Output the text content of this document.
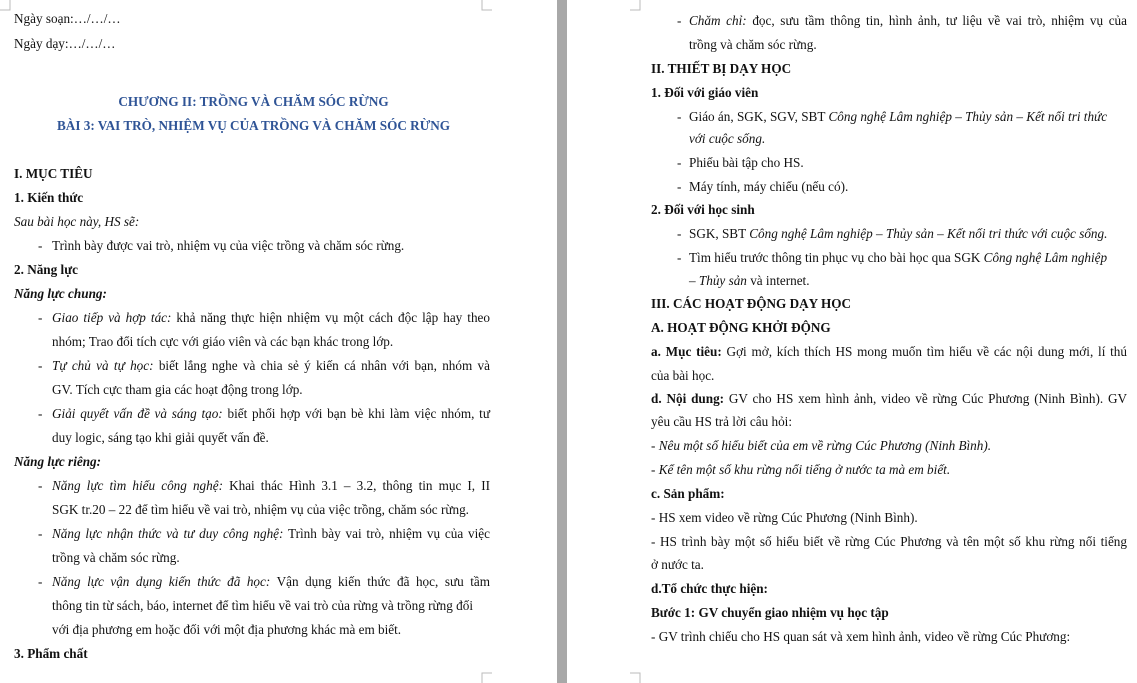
Ngày soạn:…/…/…
Ngày dạy:…/…/…
CHƯƠNG II: TRỒNG VÀ CHĂM SÓC RỪNG
BÀI 3: VAI TRÒ, NHIỆM VỤ CỦA TRỒNG VÀ CHĂM SÓC RỪNG
I. MỤC TIÊU
1. Kiến thức
Sau bài học này, HS sẽ:
- Trình bày được vai trò, nhiệm vụ của việc trồng và chăm sóc rừng.
2. Năng lực
Năng lực chung:
- Giao tiếp và hợp tác: khả năng thực hiện nhiệm vụ một cách độc lập hay theo
nhóm; Trao đổi tích cực với giáo viên và các bạn khác trong lớp.
- Tự chủ và tự học: biết lắng nghe và chia sẻ ý kiến cá nhân với bạn, nhóm và
GV. Tích cực tham gia các hoạt động trong lớp.
- Giải quyết vấn đề và sáng tạo: biết phối hợp với bạn bè khi làm việc nhóm, tư
duy logic, sáng tạo khi giải quyết vấn đề.
Năng lực riêng:
- Năng lực tìm hiểu công nghệ: Khai thác Hình 3.1 – 3.2, thông tin mục I, II
SGK tr.20 – 22 để tìm hiểu về vai trò, nhiệm vụ của việc trồng, chăm sóc rừng.
- Năng lực nhận thức và tư duy công nghệ: Trình bày vai trò, nhiệm vụ của việc
trồng và chăm sóc rừng.
- Năng lực vận dụng kiến thức đã học: Vận dụng kiến thức đã học, sưu tầm
thông tin từ sách, báo, internet để tìm hiểu về vai trò của rừng và trồng rừng đối
với địa phương em hoặc đối với một địa phương khác mà em biết.
3. Phẩm chất
- Chăm chỉ: đọc, sưu tầm thông tin, hình ảnh, tư liệu về vai trò, nhiệm vụ của
trồng và chăm sóc rừng.
II. THIẾT BỊ DẠY HỌC
1. Đối với giáo viên
- Giáo án, SGK, SGV, SBT Công nghệ Lâm nghiệp – Thủy sản – Kết nối tri thức
với cuộc sống.
- Phiếu bài tập cho HS.
- Máy tính, máy chiếu (nếu có).
2. Đối với học sinh
- SGK, SBT Công nghệ Lâm nghiệp – Thủy sản – Kết nối tri thức với cuộc sống.
- Tìm hiểu trước thông tin phục vụ cho bài học qua SGK Công nghệ Lâm nghiệp
– Thủy sản và internet.
III. CÁC HOẠT ĐỘNG DẠY HỌC
A. HOẠT ĐỘNG KHỞI ĐỘNG
a. Mục tiêu: Gợi mở, kích thích HS mong muốn tìm hiểu về các nội dung mới, lí thú
của bài học.
d. Nội dung: GV cho HS xem hình ảnh, video về rừng Cúc Phương (Ninh Bình). GV
yêu cầu HS trả lời câu hỏi:
- Nêu một số hiểu biết của em về rừng Cúc Phương (Ninh Bình).
- Kể tên một số khu rừng nổi tiếng ở nước ta mà em biết.
c. Sản phẩm:
- HS xem video về rừng Cúc Phương (Ninh Bình).
- HS trình bày một số hiểu biết về rừng Cúc Phương và tên một số khu rừng nổi tiếng
ở nước ta.
d.Tổ chức thực hiện:
Bước 1: GV chuyển giao nhiệm vụ học tập
- GV trình chiếu cho HS quan sát và xem hình ảnh, video về rừng Cúc Phương:
